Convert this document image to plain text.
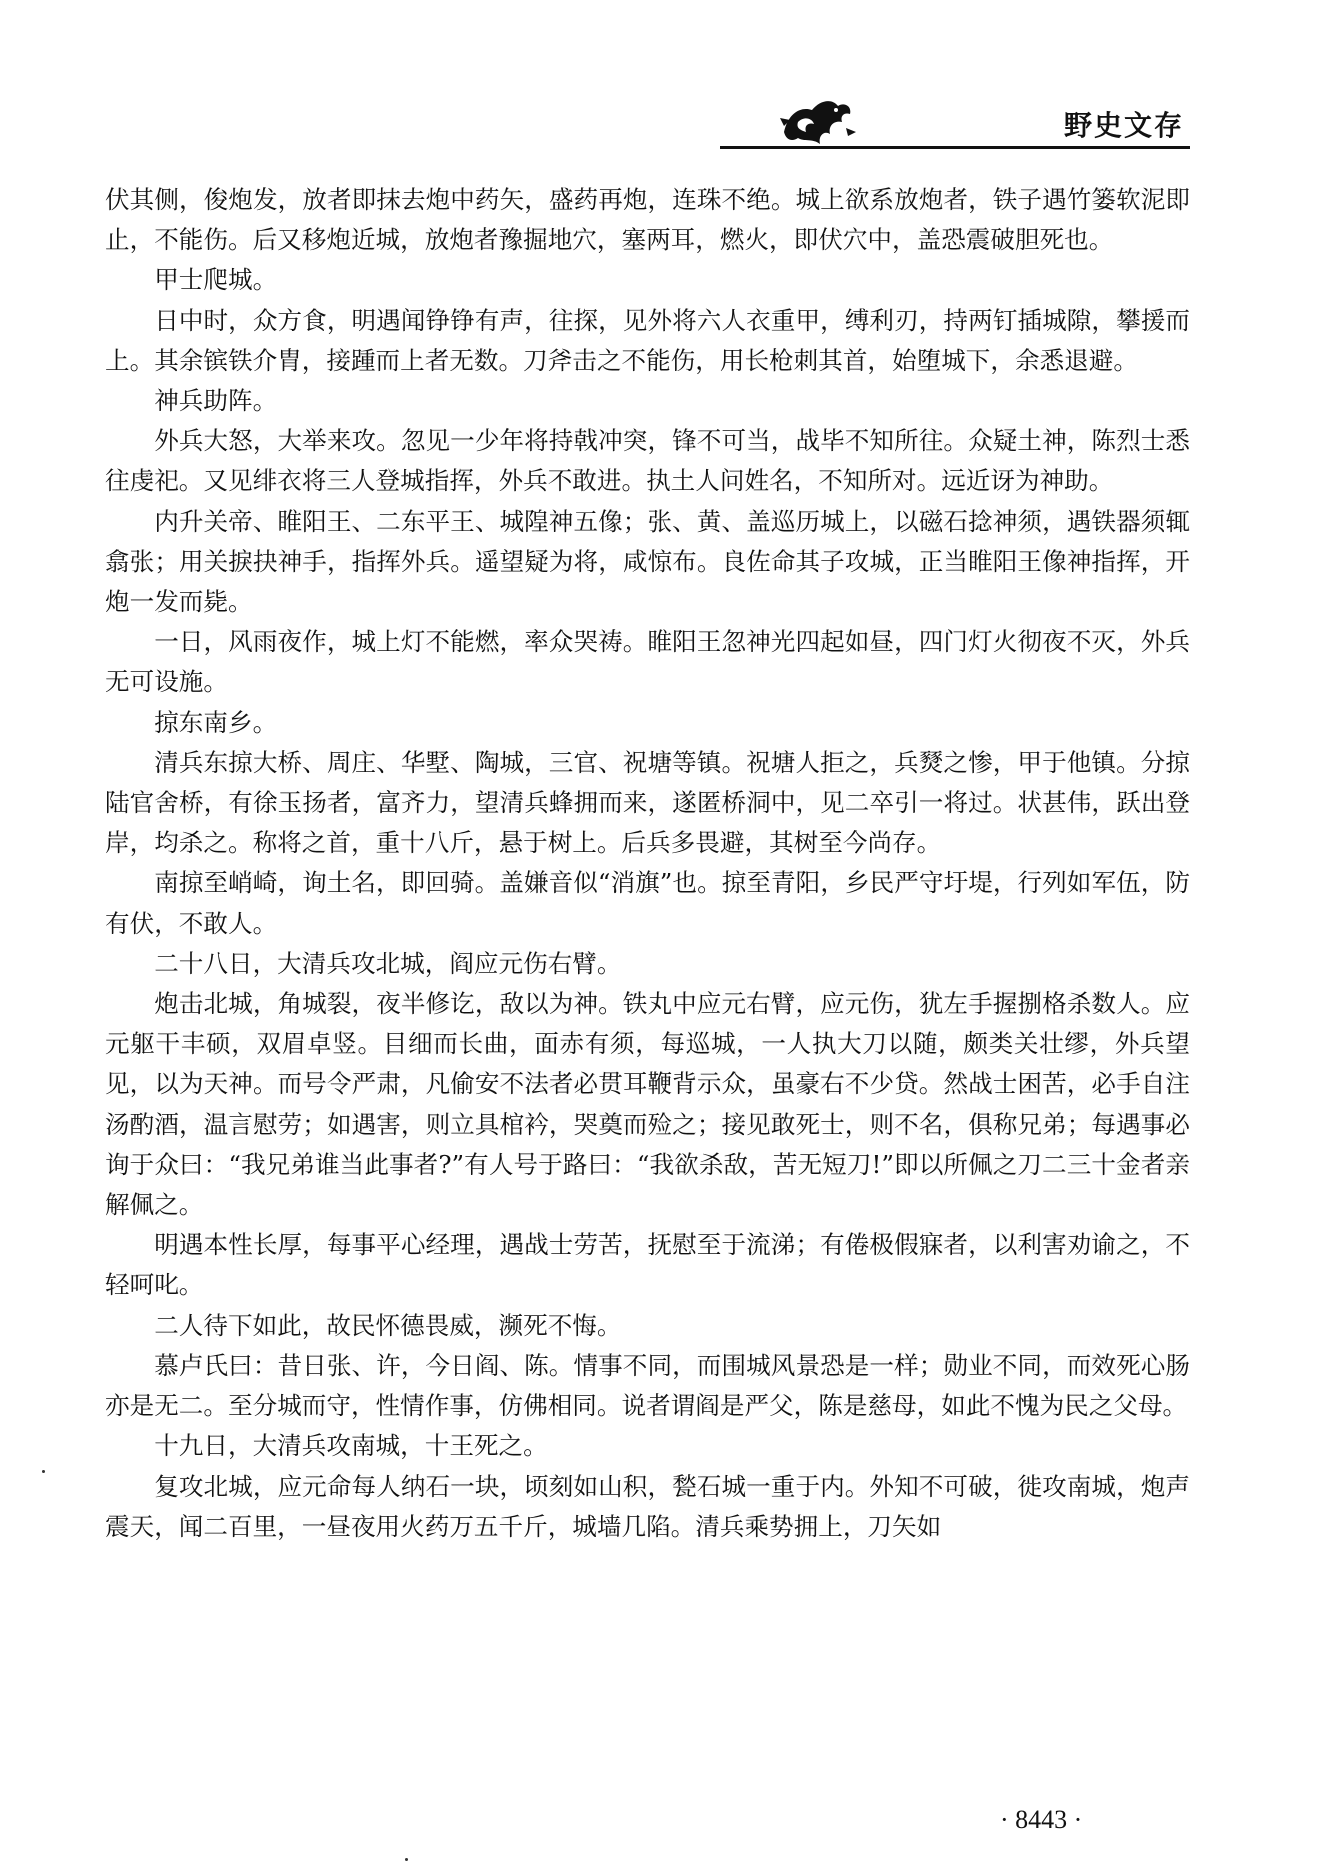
野史文存

伏其侧，俊炮发，放者即抹去炮中药矢，盛药再炮，连珠不绝。城上欲系放炮者，铁子遇竹篓软泥即止，不能伤。后又移炮近城，放炮者豫掘地穴，塞两耳，燃火，即伏穴中，盖恐震破胆死也。

甲士爬城。

日中时，众方食，明遇闻铮铮有声，往探，见外将六人衣重甲，缚利刃，持两钉插城隙，攀援而上。其余镔铁介胄，接踵而上者无数。刀斧击之不能伤，用长枪刺其首，始堕城下，余悉退避。

神兵助阵。

外兵大怒，大举来攻。忽见一少年将持戟冲突，锋不可当，战毕不知所往。众疑土神，陈烈士悉往虔祀。又见绯衣将三人登城指挥，外兵不敢进。执土人问姓名，不知所对。远近讶为神助。

内升关帝、睢阳王、二东平王、城隍神五像；张、黄、盖巡历城上，以磁石捻神须，遇铁器须辄翕张；用关捩抉神手，指挥外兵。遥望疑为将，咸惊布。良佐命其子攻城，正当睢阳王像神指挥，开炮一发而毙。

一日，风雨夜作，城上灯不能燃，率众哭祷。睢阳王忽神光四起如昼，四门灯火彻夜不灭，外兵无可设施。

掠东南乡。

清兵东掠大桥、周庄、华墅、陶城，三官、祝塘等镇。祝塘人拒之，兵燹之惨，甲于他镇。分掠陆官舍桥，有徐玉扬者，富齐力，望清兵蜂拥而来，遂匿桥洞中，见二卒引一将过。状甚伟，跃出登岸，均杀之。称将之首，重十八斤，悬于树上。后兵多畏避，其树至今尚存。

南掠至峭崎，询土名，即回骑。盖嫌音似“消旗”也。掠至青阳，乡民严守圩堤，行列如军伍，防有伏，不敢人。

二十八日，大清兵攻北城，阎应元伤右臂。

炮击北城，角城裂，夜半修讫，敌以为神。铁丸中应元右臂，应元伤，犹左手握捌格杀数人。应元躯干丰硕，双眉卓竖。目细而长曲，面赤有须，每巡城，一人执大刀以随，颇类关壮缪，外兵望见，以为天神。而号令严肃，凡偷安不法者必贯耳鞭背示众，虽豪右不少贷。然战士困苦，必手自注汤酌酒，温言慰劳；如遇害，则立具棺衿，哭奠而殓之；接见敢死士，则不名，俱称兄弟；每遇事必询于众曰：“我兄弟谁当此事者?”有人号于路曰：“我欲杀敌，苦无短刀!”即以所佩之刀二三十金者亲解佩之。

明遇本性长厚，每事平心经理，遇战士劳苦，抚慰至于流涕；有倦极假寐者，以利害劝谕之，不轻呵叱。

二人待下如此，故民怀德畏威，濒死不悔。

慕卢氏曰：昔日张、许，今日阎、陈。情事不同，而围城风景恐是一样；勋业不同，而效死心肠亦是无二。至分城而守，性情作事，仿佛相同。说者谓阎是严父，陈是慈母，如此不愧为民之父母。

十九日，大清兵攻南城，十王死之。

复攻北城，应元命每人纳石一块，顷刻如山积，甃石城一重于内。外知不可破，徙攻南城，炮声震天，闻二百里，一昼夜用火药万五千斤，城墙几陷。清兵乘势拥上，刀矢如

· 8443 ·
